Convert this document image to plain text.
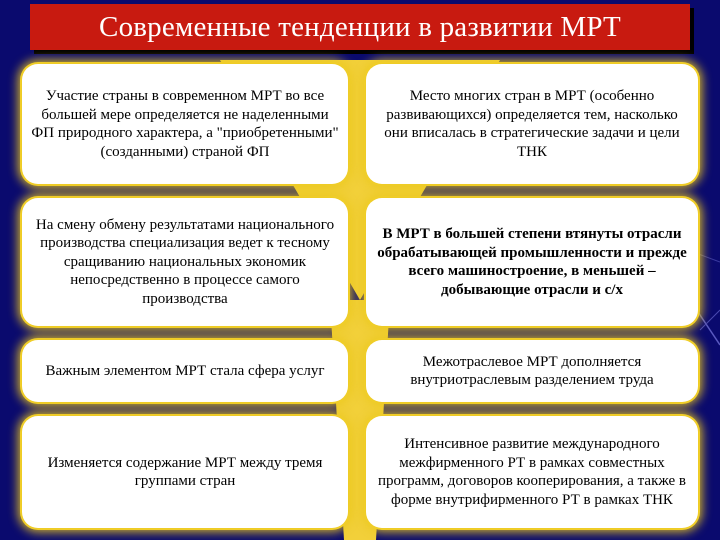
Современные тенденции в развитии МРТ
Участие страны в современном МРТ во все большей мере определяется не наделенными ФП природного характера, а "приобретенными" (созданными) страной ФП
Место многих стран в МРТ (особенно развивающихся) определяется тем, насколько они вписалась в стратегические задачи и цели ТНК
На смену обмену результатами национального производства специализация ведет к тесному сращиванию национальных экономик непосредственно в процессе самого производства
В МРТ в большей степени втянуты отрасли обрабатывающей промышленности и прежде всего машиностроение, в меньшей – добывающие отрасли и с/х
Важным элементом МРТ стала сфера услуг
Межотраслевое МРТ дополняется внутриотраслевым разделением труда
Изменяется содержание МРТ между тремя группами стран
Интенсивное развитие международного межфирменного РТ в рамках совместных программ, договоров кооперирования, а также в форме внутрифирменного РТ в рамках ТНК
